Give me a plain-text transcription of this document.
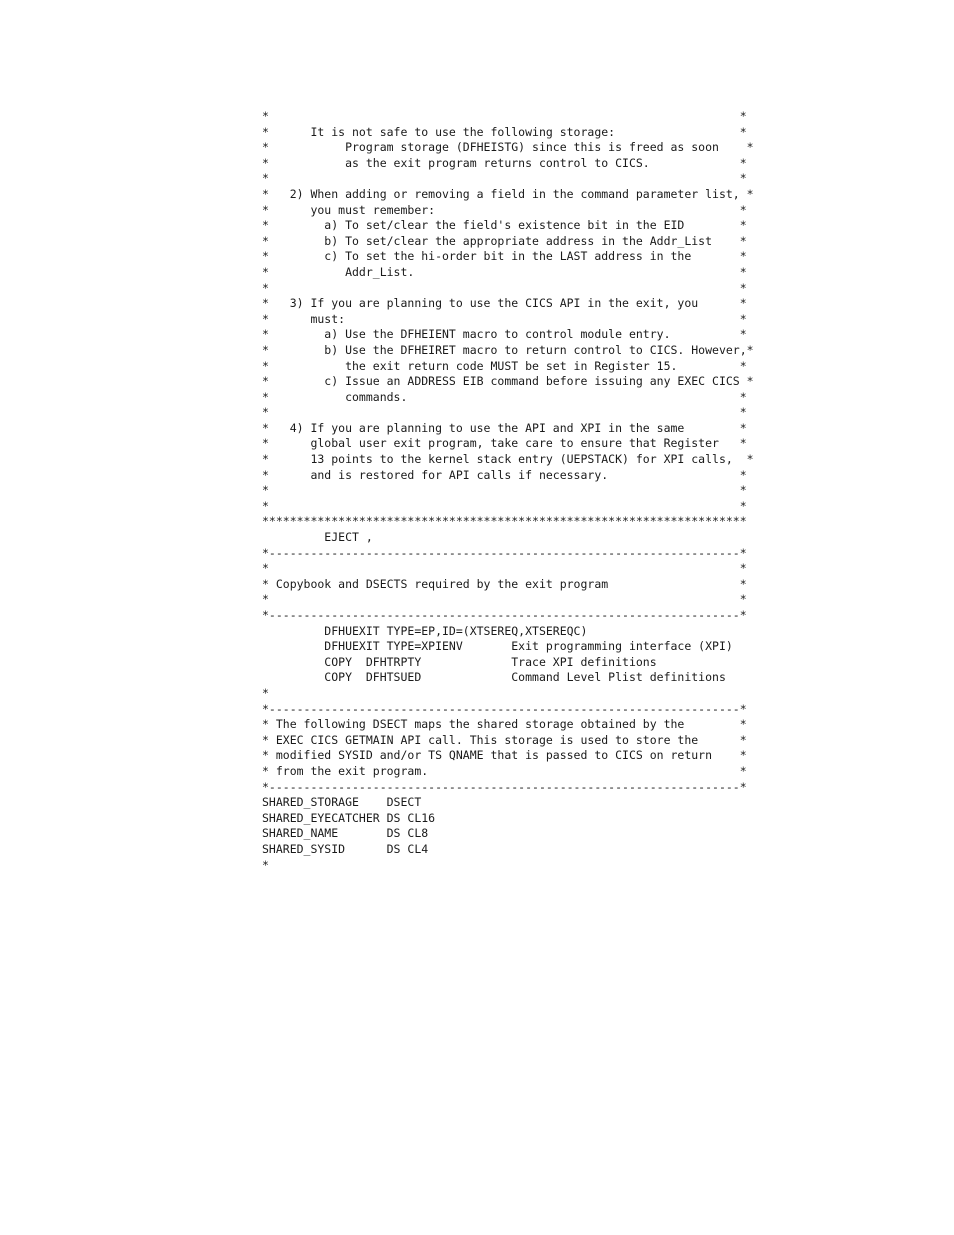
*                                                                    *
*      It is not safe to use the following storage:                  *
*           Program storage (DFHEISTG) since this is freed as soon    *
*           as the exit program returns control to CICS.             *
*                                                                    *
*   2) When adding or removing a field in the command parameter list, *
*      you must remember:                                            *
*        a) To set/clear the field's existence bit in the EID        *
*        b) To set/clear the appropriate address in the Addr_List    *
*        c) To set the hi-order bit in the LAST address in the       *
*           Addr_List.                                               *
*                                                                    *
*   3) If you are planning to use the CICS API in the exit, you      *
*      must:                                                         *
*        a) Use the DFHEIENT macro to control module entry.          *
*        b) Use the DFHEIRET macro to return control to CICS. However,*
*           the exit return code MUST be set in Register 15.         *
*        c) Issue an ADDRESS EIB command before issuing any EXEC CICS *
*           commands.                                                *
*                                                                    *
*   4) If you are planning to use the API and XPI in the same        *
*      global user exit program, take care to ensure that Register   *
*      13 points to the kernel stack entry (UEPSTACK) for XPI calls,  *
*      and is restored for API calls if necessary.                   *
*                                                                    *
*                                                                    *
**********************************************************************
EJECT ,
*--------------------------------------------------------------------*
*                                                                    *
* Copybook and DSECTS required by the exit program                   *
*                                                                    *
*--------------------------------------------------------------------*
DFHUEXIT TYPE=EP,ID=(XTSEREQ,XTSEREQC)
DFHUEXIT TYPE=XPIENV       Exit programming interface (XPI)
COPY  DFHTRPTY             Trace XPI definitions
COPY  DFHTSUED             Command Level Plist definitions
*
*--------------------------------------------------------------------*
* The following DSECT maps the shared storage obtained by the        *
* EXEC CICS GETMAIN API call. This storage is used to store the      *
* modified SYSID and/or TS QNAME that is passed to CICS on return    *
* from the exit program.                                             *
*--------------------------------------------------------------------*
SHARED_STORAGE    DSECT
SHARED_EYECATCHER DS CL16
SHARED_NAME       DS CL8
SHARED_SYSID      DS CL4
*
